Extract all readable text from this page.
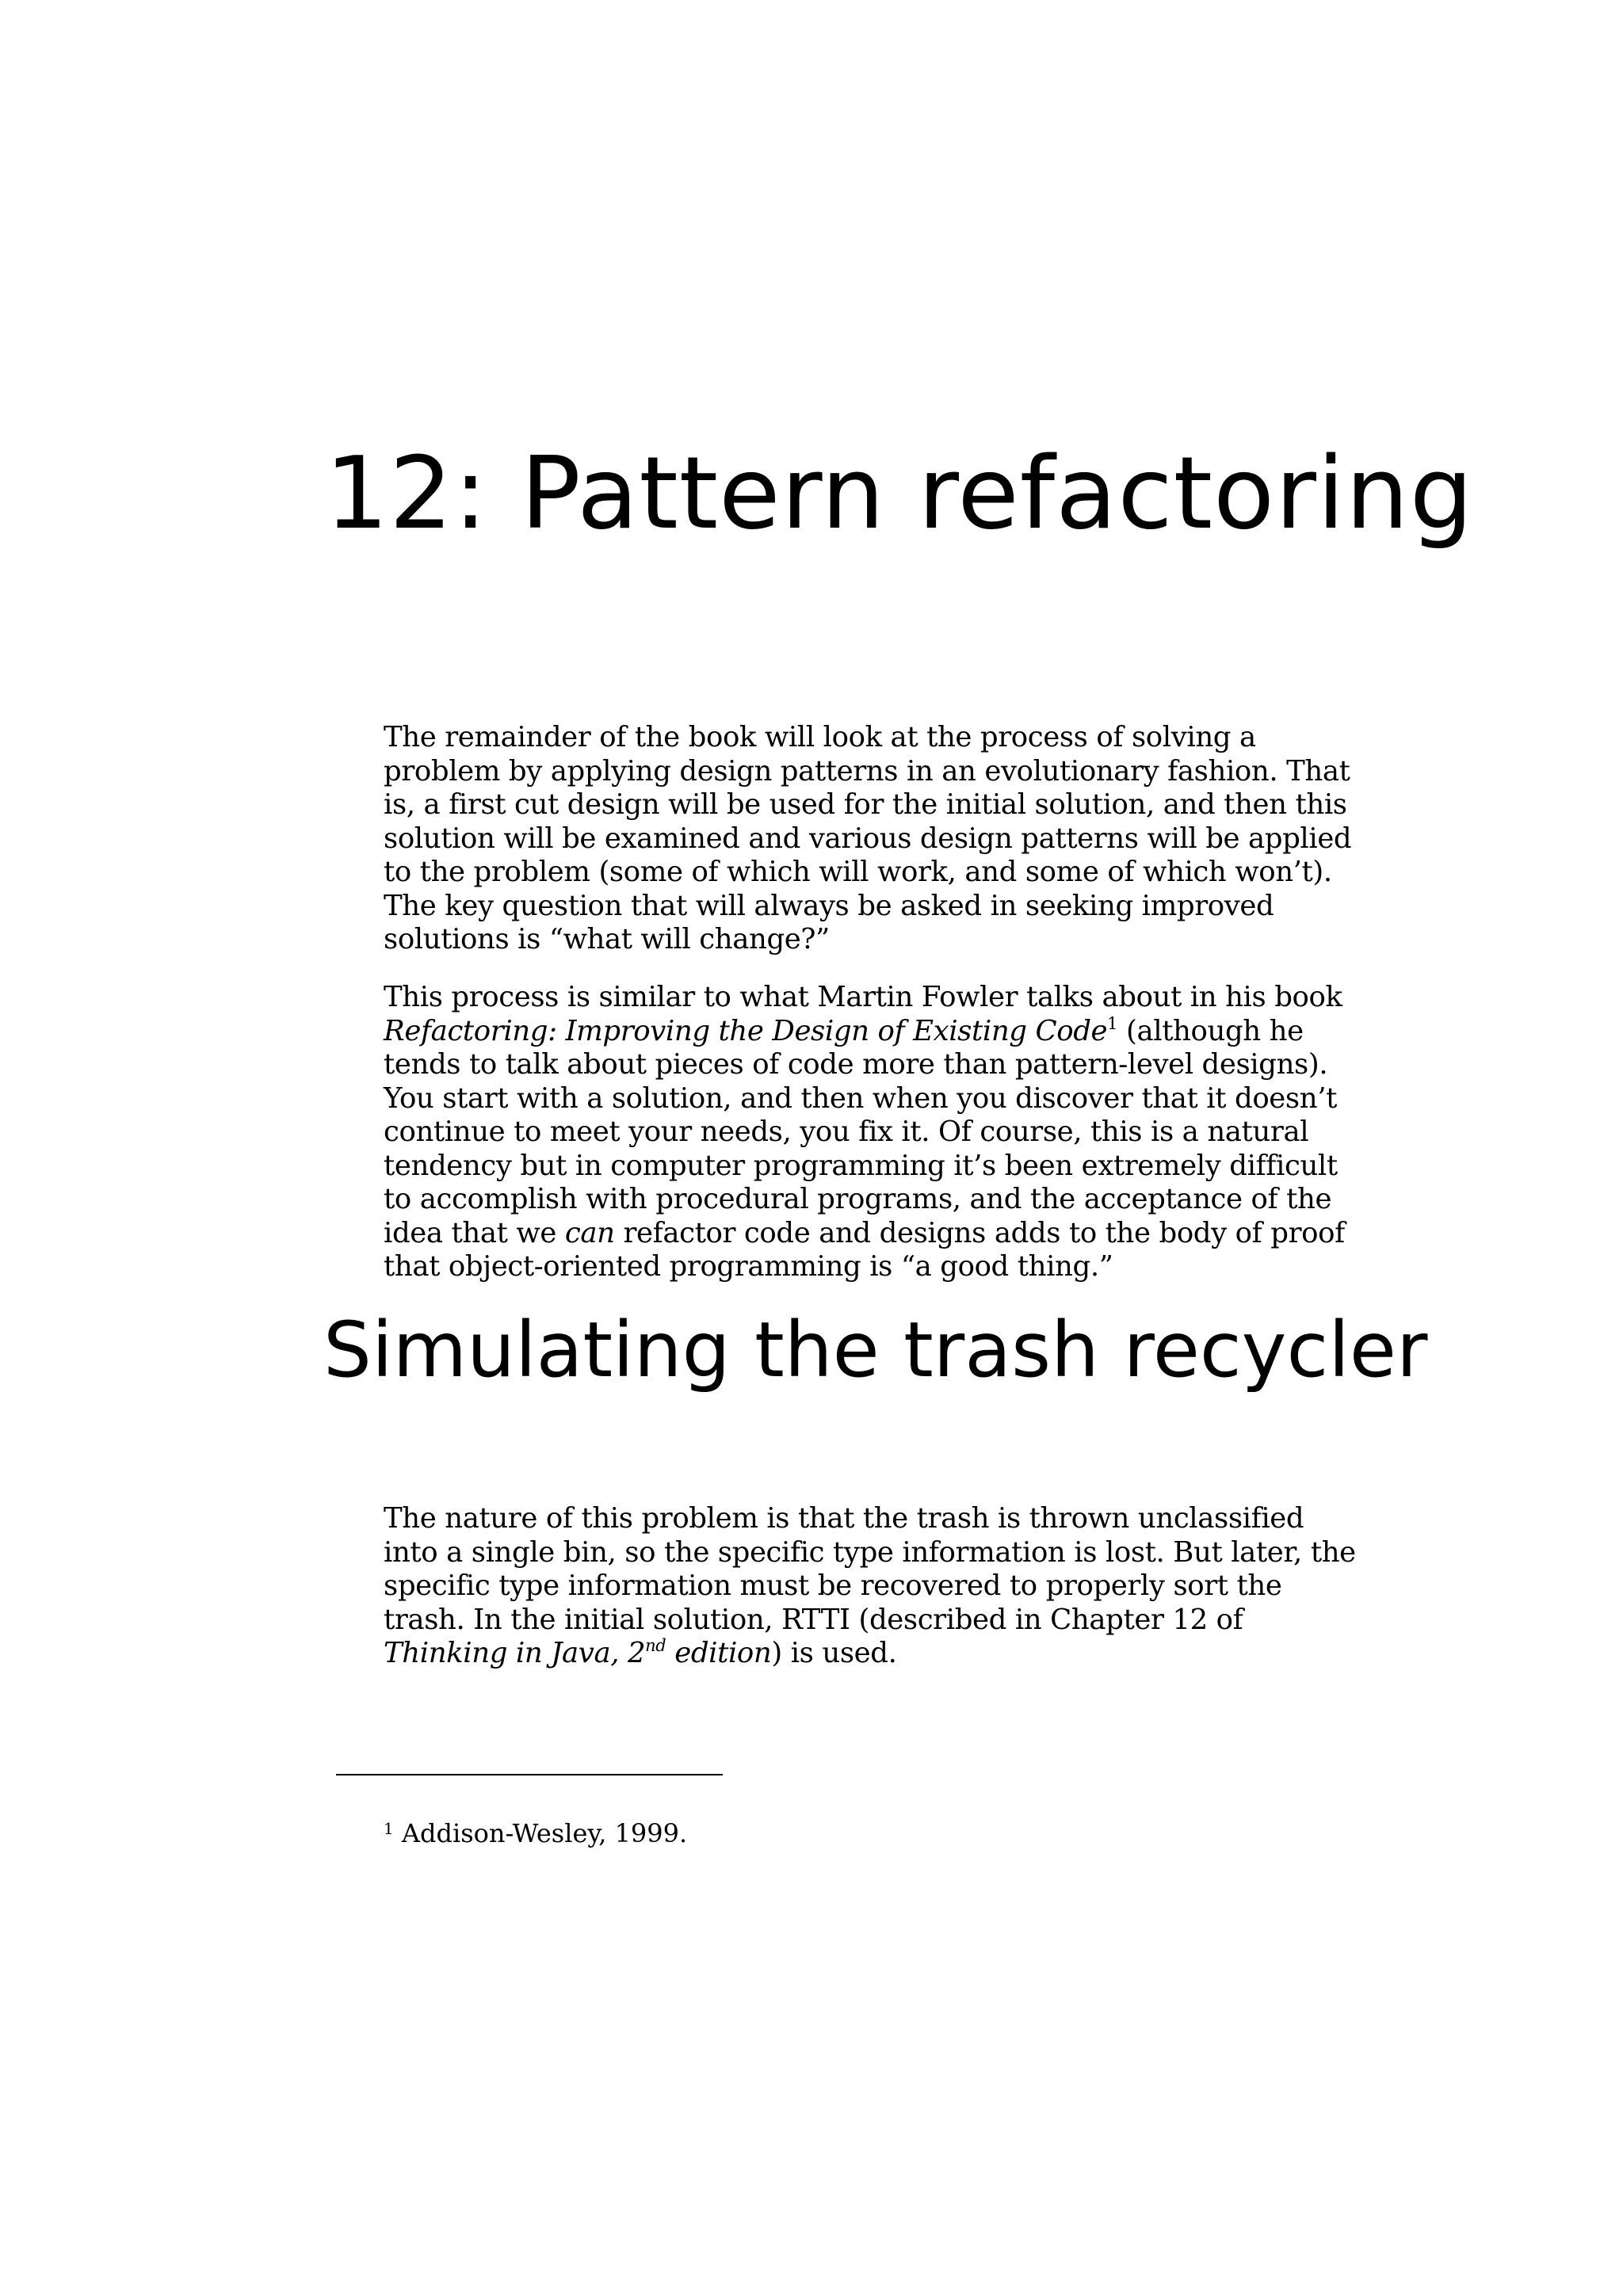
12: Pattern refactoring

The remainder of the book will look at the process of solving a problem by applying design patterns in an evolutionary fashion. That is, a first cut design will be used for the initial solution, and then this solution will be examined and various design patterns will be applied to the problem (some of which will work, and some of which won’t). The key question that will always be asked in seeking improved solutions is “what will change?”

This process is similar to what Martin Fowler talks about in his book Refactoring: Improving the Design of Existing Code$^1$ (although he tends to talk about pieces of code more than pattern-level designs). You start with a solution, and then when you discover that it doesn’t continue to meet your needs, you fix it. Of course, this is a natural tendency but in computer programming it’s been extremely difficult to accomplish with procedural programs, and the acceptance of the idea that we can refactor code and designs adds to the body of proof that object-oriented programming is “a good thing.”

Simulating the trash recycler

The nature of this problem is that the trash is thrown unclassified into a single bin, so the specific type information is lost. But later, the specific type information must be recovered to properly sort the trash. In the initial solution, RTTI (described in Chapter 12 of Thinking in Java, 2nd edition) is used.

$^1$ Addison-Wesley, 1999.
